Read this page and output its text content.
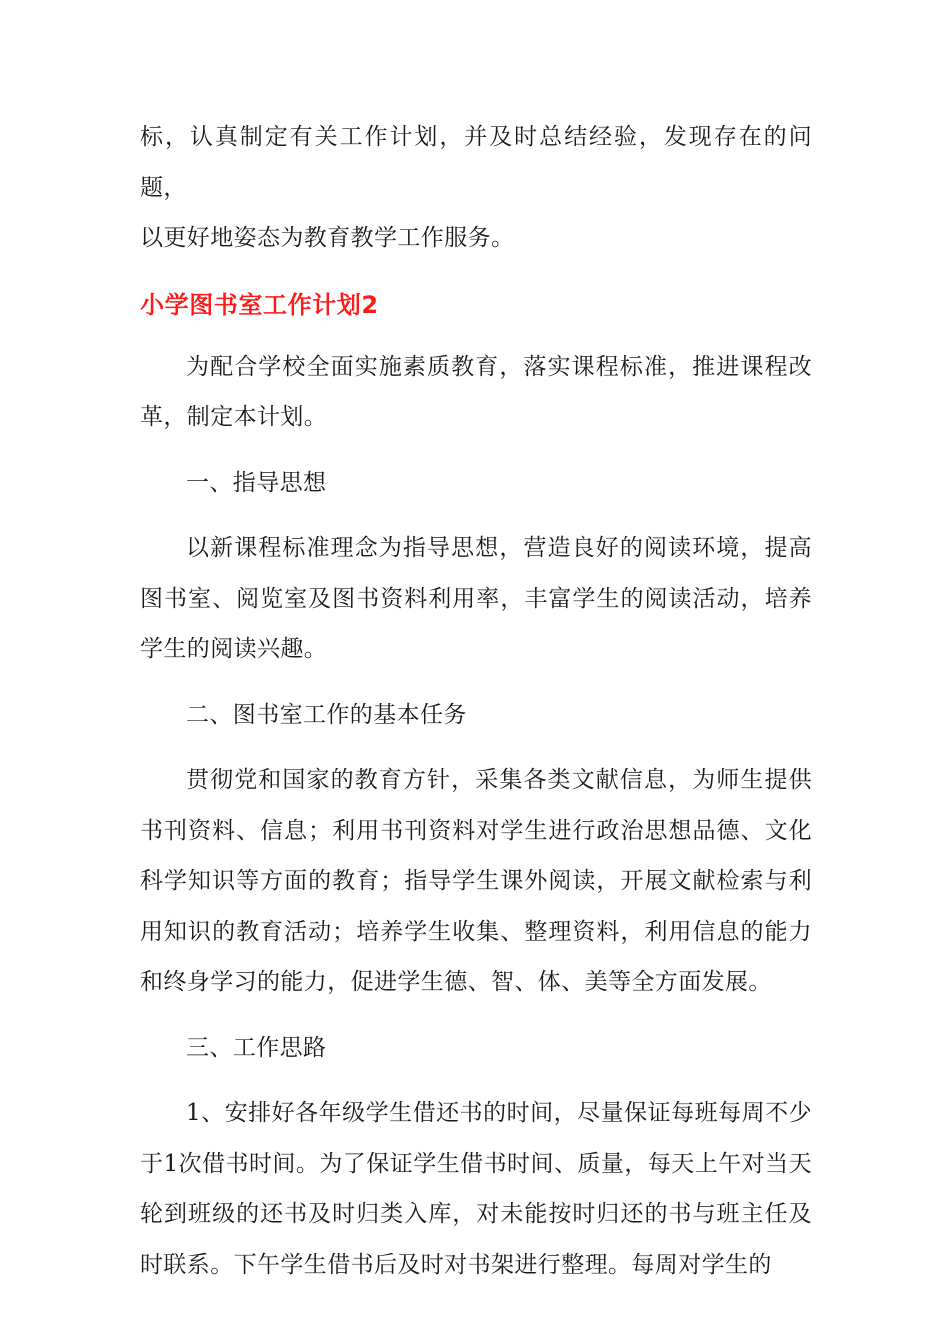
标，认真制定有关工作计划，并及时总结经验，发现存在的问题，

以更好地姿态为教育教学工作服务。

小学图书室工作计划2

为配合学校全面实施素质教育，落实课程标准，推进课程改革，制定本计划。

一、指导思想

以新课程标准理念为指导思想，营造良好的阅读环境，提高图书室、阅览室及图书资料利用率，丰富学生的阅读活动，培养学生的阅读兴趣。

二、图书室工作的基本任务

贯彻党和国家的教育方针，采集各类文献信息，为师生提供书刊资料、信息；利用书刊资料对学生进行政治思想品德、文化科学知识等方面的教育；指导学生课外阅读，开展文献检索与利用知识的教育活动；培养学生收集、整理资料，利用信息的能力和终身学习的能力，促进学生德、智、体、美等全方面发展。

三、工作思路

1、安排好各年级学生借还书的时间，尽量保证每班每周不少于1次借书时间。为了保证学生借书时间、质量，每天上午对当天轮到班级的还书及时归类入库，对未能按时归还的书与班主任及时联系。下午学生借书后及时对书架进行整理。每周对学生的
